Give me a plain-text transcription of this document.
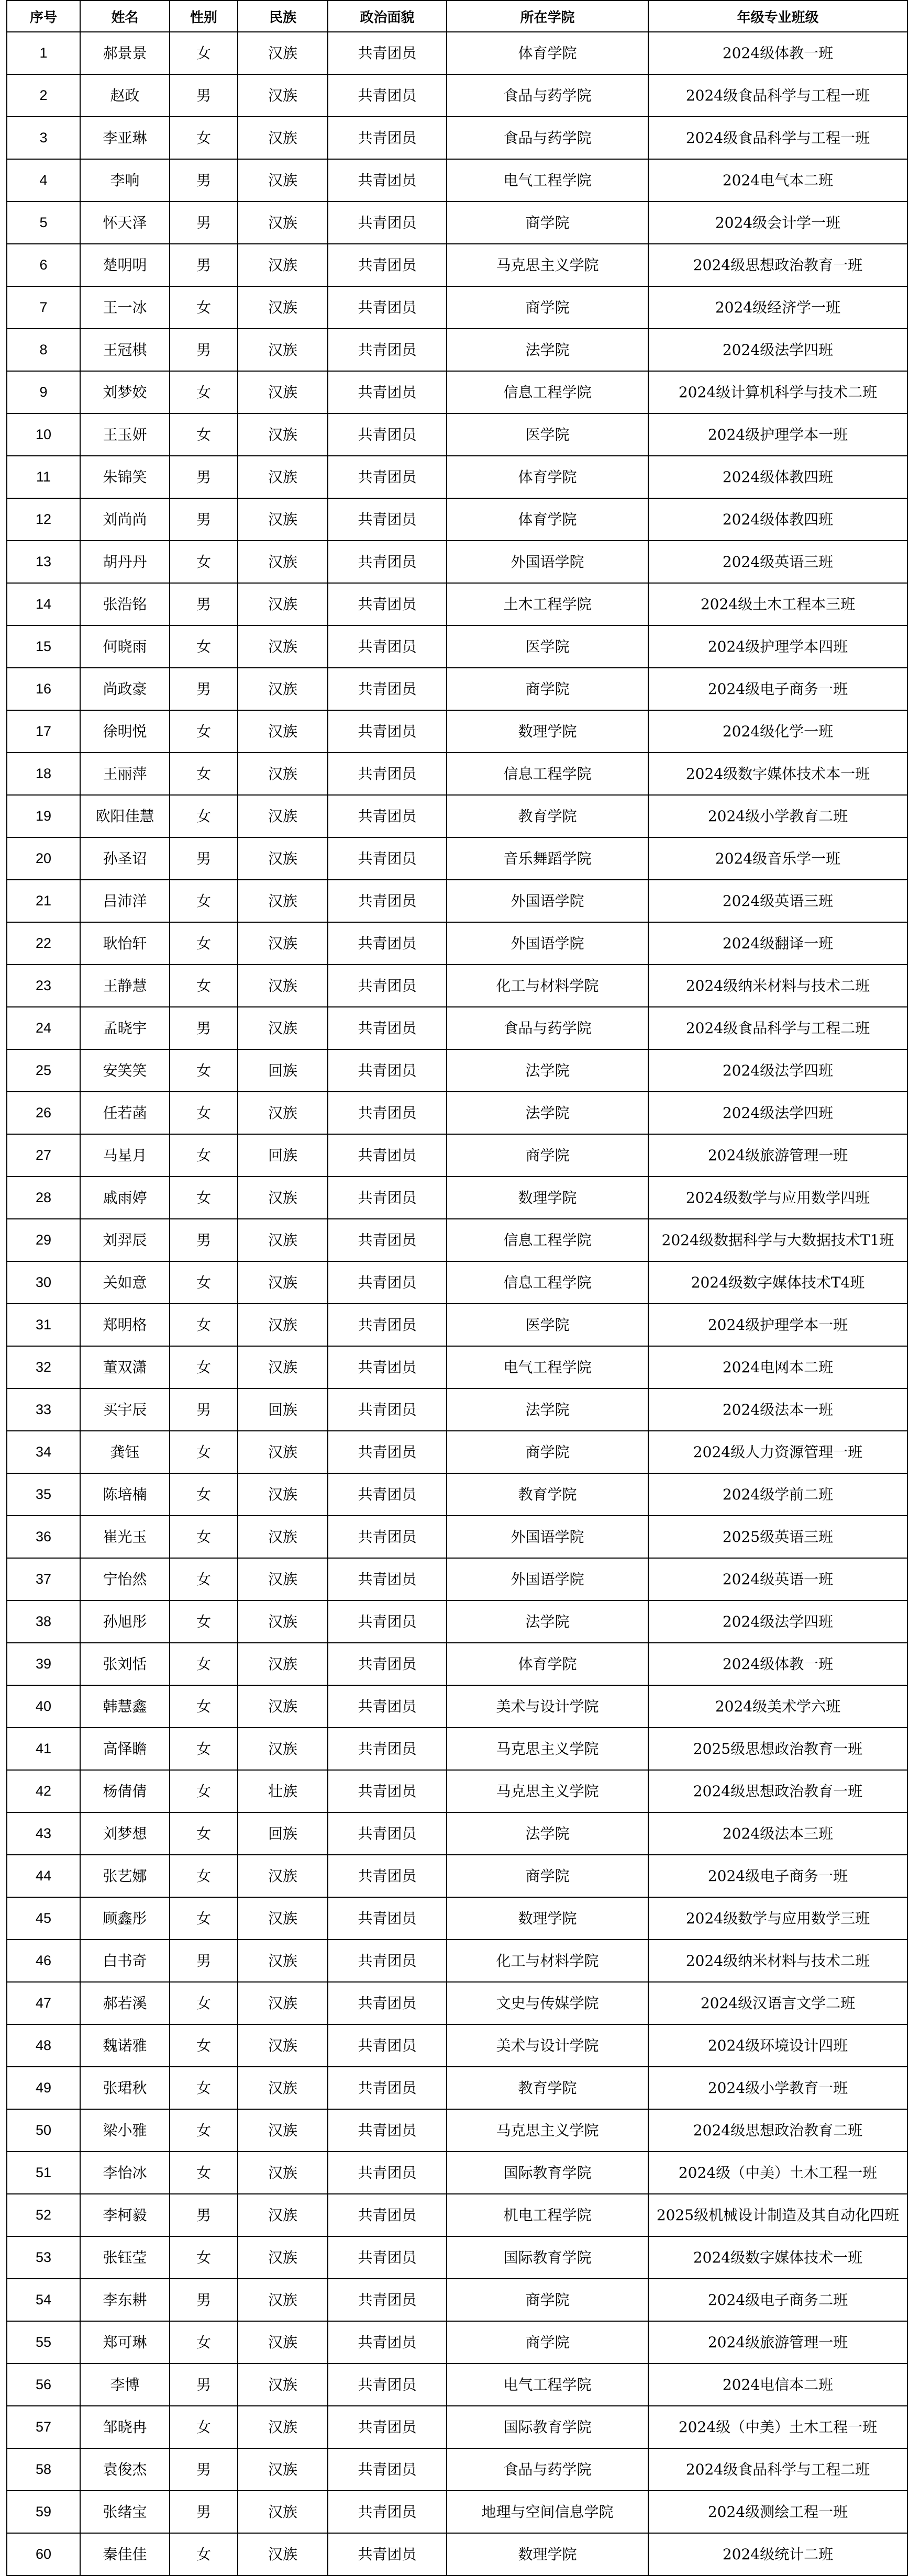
序号	姓名	性别	民族	政治面貌	所在学院	年级专业班级
1	郝景景	女	汉族	共青团员	体育学院	2024级体教一班
2	赵政	男	汉族	共青团员	食品与药学院	2024级食品科学与工程一班
3	李亚琳	女	汉族	共青团员	食品与药学院	2024级食品科学与工程一班
4	李响	男	汉族	共青团员	电气工程学院	2024电气本二班
5	怀天泽	男	汉族	共青团员	商学院	2024级会计学一班
6	楚明明	男	汉族	共青团员	马克思主义学院	2024级思想政治教育一班
7	王一冰	女	汉族	共青团员	商学院	2024级经济学一班
8	王冠棋	男	汉族	共青团员	法学院	2024级法学四班
9	刘梦姣	女	汉族	共青团员	信息工程学院	2024级计算机科学与技术二班
10	王玉妍	女	汉族	共青团员	医学院	2024级护理学本一班
11	朱锦笑	男	汉族	共青团员	体育学院	2024级体教四班
12	刘尚尚	男	汉族	共青团员	体育学院	2024级体教四班
13	胡丹丹	女	汉族	共青团员	外国语学院	2024级英语三班
14	张浩铭	男	汉族	共青团员	土木工程学院	2024级土木工程本三班
15	何晓雨	女	汉族	共青团员	医学院	2024级护理学本四班
16	尚政豪	男	汉族	共青团员	商学院	2024级电子商务一班
17	徐明悦	女	汉族	共青团员	数理学院	2024级化学一班
18	王丽萍	女	汉族	共青团员	信息工程学院	2024级数字媒体技术本一班
19	欧阳佳慧	女	汉族	共青团员	教育学院	2024级小学教育二班
20	孙圣诏	男	汉族	共青团员	音乐舞蹈学院	2024级音乐学一班
21	吕沛洋	女	汉族	共青团员	外国语学院	2024级英语三班
22	耿怡轩	女	汉族	共青团员	外国语学院	2024级翻译一班
23	王静慧	女	汉族	共青团员	化工与材料学院	2024级纳米材料与技术二班
24	孟晓宇	男	汉族	共青团员	食品与药学院	2024级食品科学与工程二班
25	安笑笑	女	回族	共青团员	法学院	2024级法学四班
26	任若菡	女	汉族	共青团员	法学院	2024级法学四班
27	马星月	女	回族	共青团员	商学院	2024级旅游管理一班
28	戚雨婷	女	汉族	共青团员	数理学院	2024级数学与应用数学四班
29	刘羿辰	男	汉族	共青团员	信息工程学院	2024级数据科学与大数据技术T1班
30	关如意	女	汉族	共青团员	信息工程学院	2024级数字媒体技术T4班
31	郑明格	女	汉族	共青团员	医学院	2024级护理学本一班
32	董双潇	女	汉族	共青团员	电气工程学院	2024电网本二班
33	买宇辰	男	回族	共青团员	法学院	2024级法本一班
34	龚钰	女	汉族	共青团员	商学院	2024级人力资源管理一班
35	陈培楠	女	汉族	共青团员	教育学院	2024级学前二班
36	崔光玉	女	汉族	共青团员	外国语学院	2025级英语三班
37	宁怡然	女	汉族	共青团员	外国语学院	2024级英语一班
38	孙旭彤	女	汉族	共青团员	法学院	2024级法学四班
39	张刘恬	女	汉族	共青团员	体育学院	2024级体教一班
40	韩慧鑫	女	汉族	共青团员	美术与设计学院	2024级美术学六班
41	高怿瞻	女	汉族	共青团员	马克思主义学院	2025级思想政治教育一班
42	杨倩倩	女	壮族	共青团员	马克思主义学院	2024级思想政治教育一班
43	刘梦想	女	回族	共青团员	法学院	2024级法本三班
44	张艺娜	女	汉族	共青团员	商学院	2024级电子商务一班
45	顾鑫彤	女	汉族	共青团员	数理学院	2024级数学与应用数学三班
46	白书奇	男	汉族	共青团员	化工与材料学院	2024级纳米材料与技术二班
47	郝若溪	女	汉族	共青团员	文史与传媒学院	2024级汉语言文学二班
48	魏诺雅	女	汉族	共青团员	美术与设计学院	2024级环境设计四班
49	张珺秋	女	汉族	共青团员	教育学院	2024级小学教育一班
50	梁小雅	女	汉族	共青团员	马克思主义学院	2024级思想政治教育二班
51	李怡冰	女	汉族	共青团员	国际教育学院	2024级（中美）土木工程一班
52	李柯毅	男	汉族	共青团员	机电工程学院	2025级机械设计制造及其自动化四班
53	张钰莹	女	汉族	共青团员	国际教育学院	2024级数字媒体技术一班
54	李东耕	男	汉族	共青团员	商学院	2024级电子商务二班
55	郑可琳	女	汉族	共青团员	商学院	2024级旅游管理一班
56	李博	男	汉族	共青团员	电气工程学院	2024电信本二班
57	邹晓冉	女	汉族	共青团员	国际教育学院	2024级（中美）土木工程一班
58	袁俊杰	男	汉族	共青团员	食品与药学院	2024级食品科学与工程二班
59	张绪宝	男	汉族	共青团员	地理与空间信息学院	2024级测绘工程一班
60	秦佳佳	女	汉族	共青团员	数理学院	2024级统计二班
